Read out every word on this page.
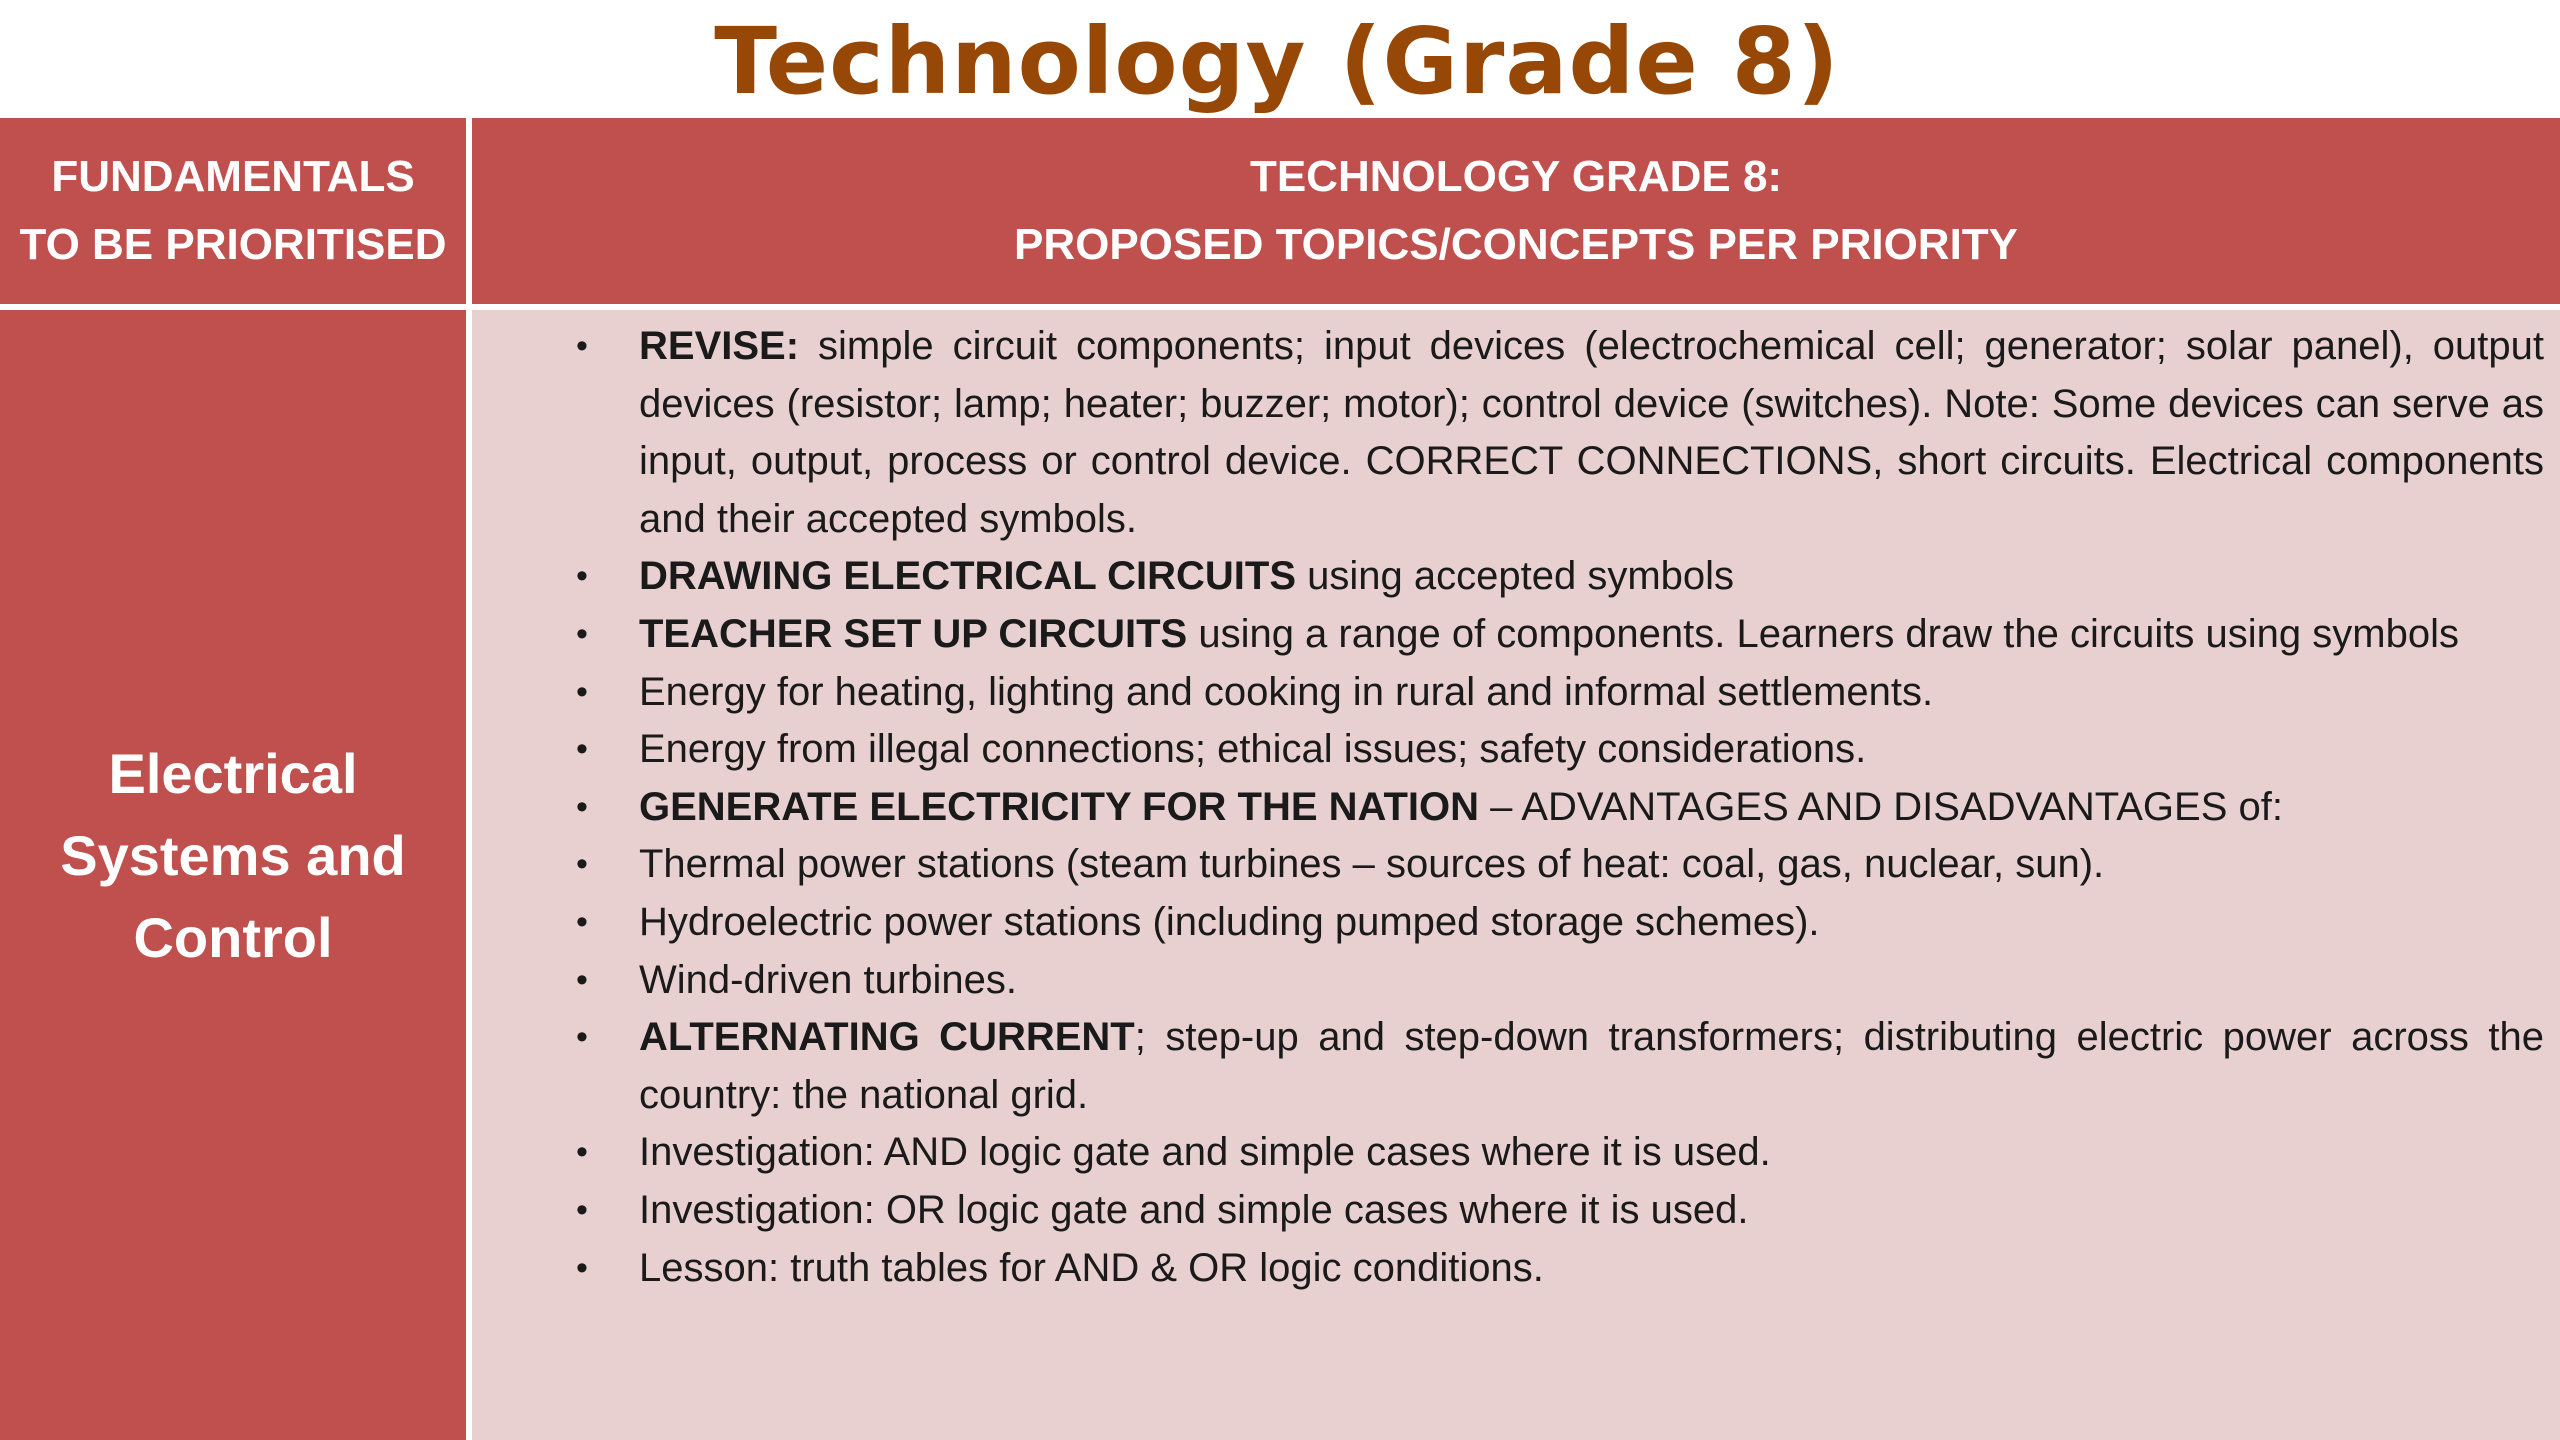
Technology (Grade 8)
FUNDAMENTALS
TO BE PRIORITISED
TECHNOLOGY GRADE 8:
PROPOSED TOPICS/CONCEPTS PER PRIORITY
Electrical
Systems and
Control
• REVISE: simple circuit components; input devices (electrochemical cell; generator; solar panel), output devices (resistor; lamp; heater; buzzer; motor); control device (switches). Note: Some devices can serve as input, output, process or control device. CORRECT CONNECTIONS, short circuits. Electrical components and their accepted symbols.
• DRAWING ELECTRICAL CIRCUITS using accepted symbols
• TEACHER SET UP CIRCUITS using a range of components. Learners draw the circuits using symbols
• Energy for heating, lighting and cooking in rural and informal settlements.
• Energy from illegal connections; ethical issues; safety considerations.
• GENERATE ELECTRICITY FOR THE NATION – ADVANTAGES AND DISADVANTAGES of:
• Thermal power stations (steam turbines – sources of heat: coal, gas, nuclear, sun).
• Hydroelectric power stations (including pumped storage schemes).
• Wind-driven turbines.
• ALTERNATING CURRENT; step-up and step-down transformers; distributing electric power across the country: the national grid.
• Investigation: AND logic gate and simple cases where it is used.
• Investigation: OR logic gate and simple cases where it is used.
• Lesson: truth tables for AND & OR logic conditions.
